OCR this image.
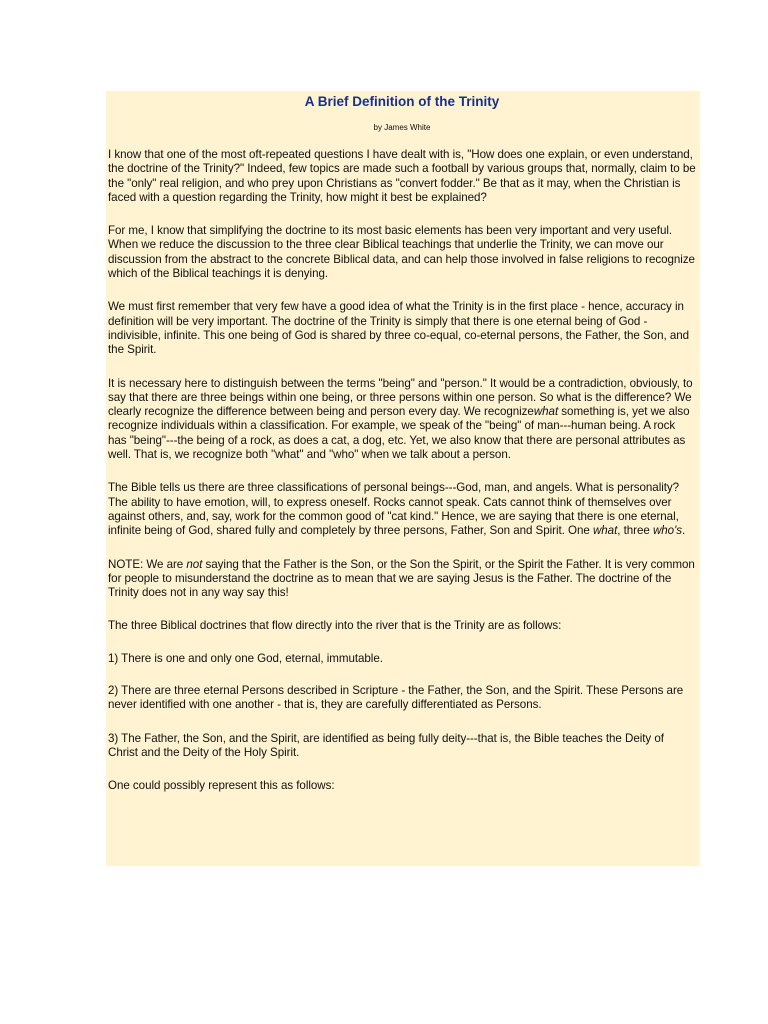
A Brief Definition of the Trinity
by James White

I know that one of the most oft-repeated questions I have dealt with is, "How does one explain, or even understand, the doctrine of the Trinity?" Indeed, few topics are made such a football by various groups that, normally, claim to be the "only" real religion, and who prey upon Christians as "convert fodder." Be that as it may, when the Christian is faced with a question regarding the Trinity, how might it best be explained?

For me, I know that simplifying the doctrine to its most basic elements has been very important and very useful. When we reduce the discussion to the three clear Biblical teachings that underlie the Trinity, we can move our discussion from the abstract to the concrete Biblical data, and can help those involved in false religions to recognize which of the Biblical teachings it is denying.

We must first remember that very few have a good idea of what the Trinity is in the first place - hence, accuracy in definition will be very important. The doctrine of the Trinity is simply that there is one eternal being of God - indivisible, infinite. This one being of God is shared by three co-equal, co-eternal persons, the Father, the Son, and the Spirit.

It is necessary here to distinguish between the terms "being" and "person." It would be a contradiction, obviously, to say that there are three beings within one being, or three persons within one person. So what is the difference? We clearly recognize the difference between being and person every day. We recognizewhat something is, yet we also recognize individuals within a classification. For example, we speak of the "being" of man---human being. A rock has "being"---the being of a rock, as does a cat, a dog, etc. Yet, we also know that there are personal attributes as well. That is, we recognize both "what" and "who" when we talk about a person.

The Bible tells us there are three classifications of personal beings---God, man, and angels. What is personality? The ability to have emotion, will, to express oneself. Rocks cannot speak. Cats cannot think of themselves over against others, and, say, work for the common good of "cat kind." Hence, we are saying that there is one eternal, infinite being of God, shared fully and completely by three persons, Father, Son and Spirit. One what, three who's.

NOTE: We are not saying that the Father is the Son, or the Son the Spirit, or the Spirit the Father. It is very common for people to misunderstand the doctrine as to mean that we are saying Jesus is the Father. The doctrine of the Trinity does not in any way say this!

The three Biblical doctrines that flow directly into the river that is the Trinity are as follows:

1) There is one and only one God, eternal, immutable.

2) There are three eternal Persons described in Scripture - the Father, the Son, and the Spirit. These Persons are never identified with one another - that is, they are carefully differentiated as Persons.

3) The Father, the Son, and the Spirit, are identified as being fully deity---that is, the Bible teaches the Deity of Christ and the Deity of the Holy Spirit.

One could possibly represent this as follows:
